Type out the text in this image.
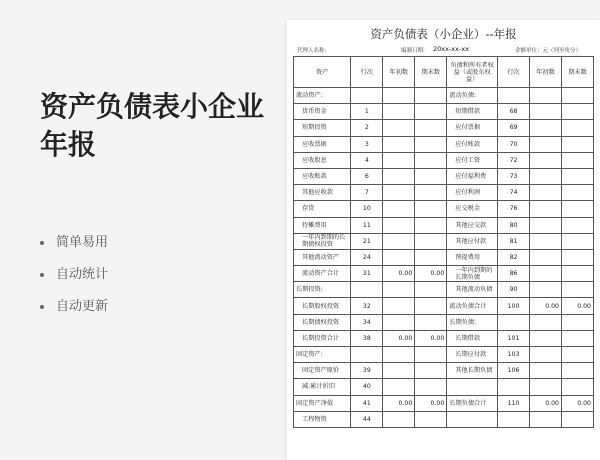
资产负债表小企业年报
简单易用
自动统计
自动更新
资产负债表（小企业）--年报
代理人名称:	编制日期: 20xx-xx-xx	金额单位：元（列至角分）
资产	行次	年初数	期末数	负债和所有者权益（或股东权益）	行次	年初数	期末数
流动资产:				流动负债:			
货币资金	1			短期借款	68		
短期投资	2			应付票据	69		
应收票据	3			应付账款	70		
应收股息	4			应付工资	72		
应收账款	6			应付福利费	73		
其他应收款	7			应付利润	74		
存货	10			应交税金	76		
待摊费用	11			其他应交款	80		
一年内到期的长期债权投资	21			其他应付款	81		
其他流动资产	24			预提费用	82		
流动资产合计	31	0.00	0.00	一年内到期的长期负债	86		
长期投资:				其他流动负债	90		
长期股权投资	32			流动负债合计	100	0.00	0.00
长期债权投资	34			长期负债:			
长期投资合计	38	0.00	0.00	长期借款	101		
固定资产:				长期应付款	103		
固定资产原价	39			其他长期负债	106		
减:累计折旧	40						
固定资产净值	41	0.00	0.00	长期负债合计	110	0.00	0.00
工程物资	44						
